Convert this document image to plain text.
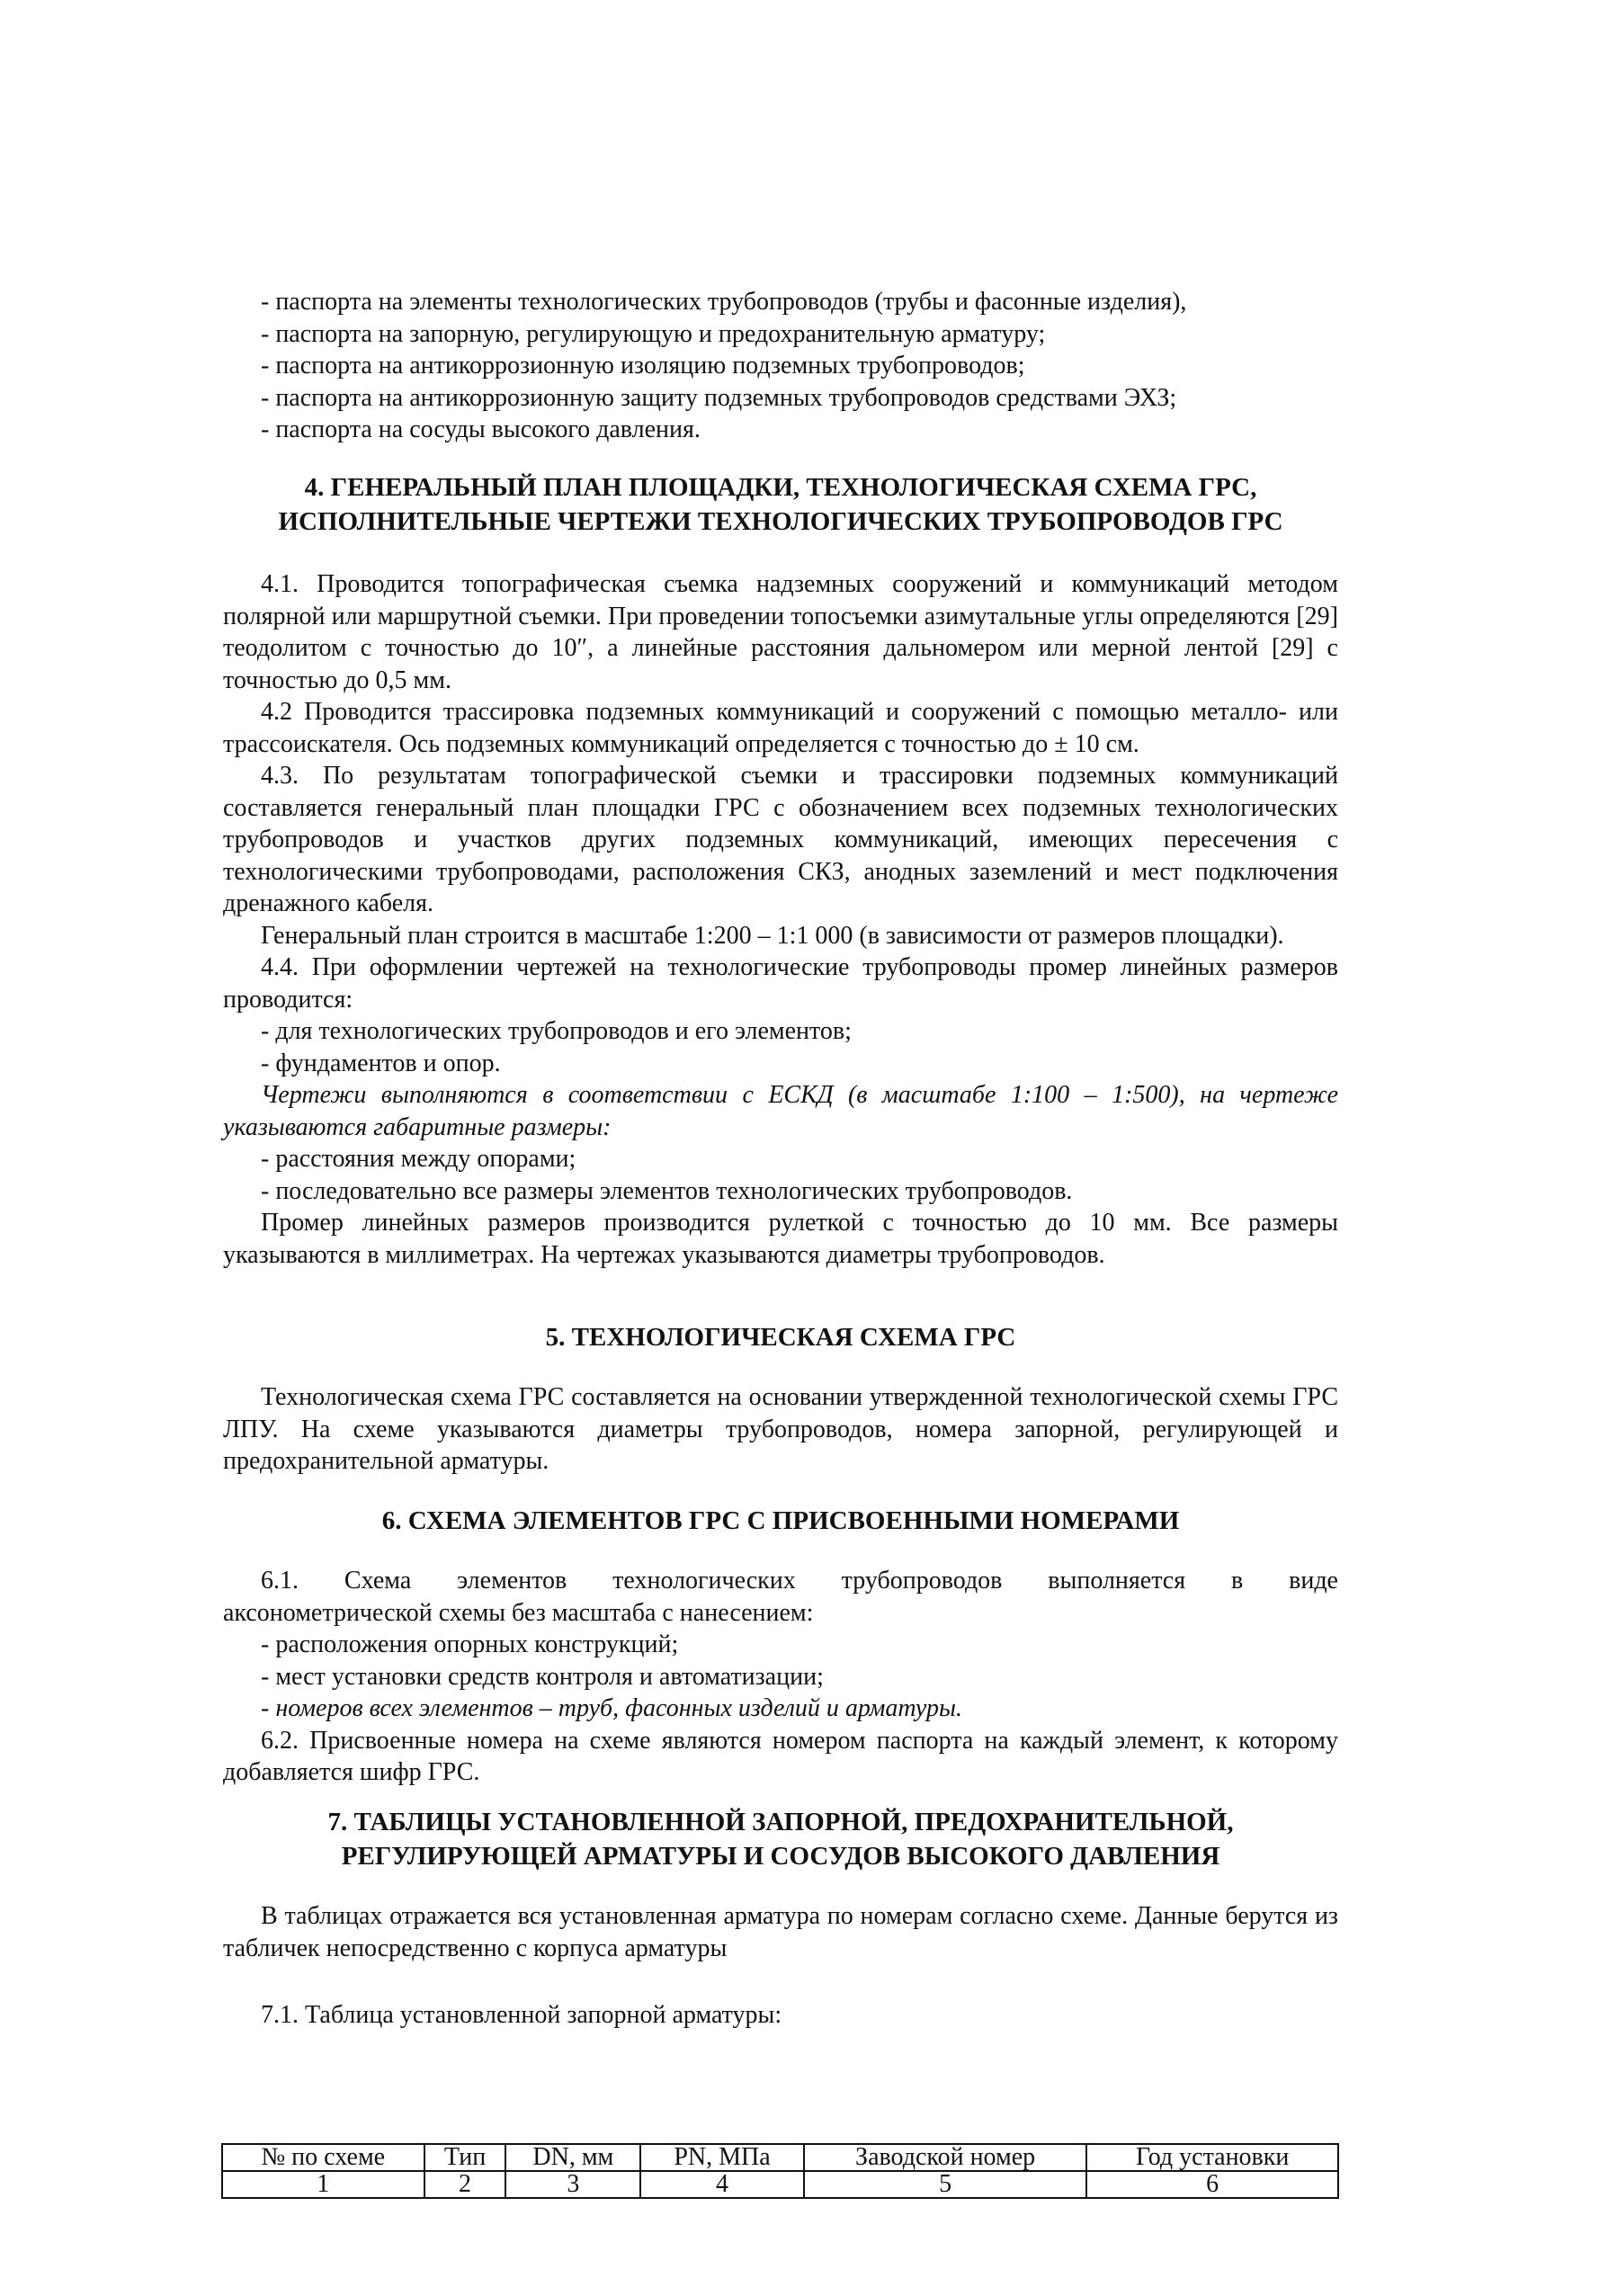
- паспорта на элементы технологических трубопроводов (трубы и фасонные изделия),

- паспорта на запорную, регулирующую и предохранительную арматуру;

- паспорта на антикоррозионную изоляцию подземных трубопроводов;

- паспорта на антикоррозионную защиту подземных трубопроводов средствами ЭХЗ;

- паспорта на сосуды высокого давления.

4. ГЕНЕРАЛЬНЫЙ ПЛАН ПЛОЩАДКИ, ТЕХНОЛОГИЧЕСКАЯ СХЕМА ГРС,

ИСПОЛНИТЕЛЬНЫЕ ЧЕРТЕЖИ ТЕХНОЛОГИЧЕСКИХ ТРУБОПРОВОДОВ ГРС

4.1. Проводится топографическая съемка надземных сооружений и коммуникаций методом полярной или маршрутной съемки. При проведении топосъемки азимутальные углы определяются [29] теодолитом с точностью до 10″, а линейные расстояния дальномером или мерной лентой [29] с точностью до 0,5 мм.

4.2 Проводится трассировка подземных коммуникаций и сооружений с помощью металло- или трассоискателя. Ось подземных коммуникаций определяется с точностью до ± 10 см.

4.3. По результатам топографической съемки и трассировки подземных коммуникаций составляется генеральный план площадки ГРС с обозначением всех подземных технологических трубопроводов и участков других подземных коммуникаций, имеющих пересечения с технологическими трубопроводами, расположения СКЗ, анодных заземлений и мест подключения дренажного кабеля.

Генеральный план строится в масштабе 1:200 – 1:1 000 (в зависимости от размеров площадки).

4.4. При оформлении чертежей на технологические трубопроводы промер линейных размеров проводится:

- для технологических трубопроводов и его элементов;

- фундаментов и опор.

Чертежи выполняются в соответствии с ЕСКД (в масштабе 1:100 – 1:500), на чертеже указываются габаритные размеры:

- расстояния между опорами;

- последовательно все размеры элементов технологических трубопроводов.

Промер линейных размеров производится рулеткой с точностью до 10 мм. Все размеры указываются в миллиметрах. На чертежах указываются диаметры трубопроводов.

5. ТЕХНОЛОГИЧЕСКАЯ СХЕМА ГРС

Технологическая схема ГРС составляется на основании утвержденной технологической схемы ГРС ЛПУ. На схеме указываются диаметры трубопроводов, номера запорной, регулирующей и предохранительной арматуры.

6. СХЕМА ЭЛЕМЕНТОВ ГРС С ПРИСВОЕННЫМИ НОМЕРАМИ

6.1. Схема элементов технологических трубопроводов выполняется в виде

аксонометрической схемы без масштаба с нанесением:

- расположения опорных конструкций;

- мест установки средств контроля и автоматизации;

- номеров всех элементов – труб, фасонных изделий и арматуры.

6.2. Присвоенные номера на схеме являются номером паспорта на каждый элемент, к которому добавляется шифр ГРС.

7. ТАБЛИЦЫ УСТАНОВЛЕННОЙ ЗАПОРНОЙ, ПРЕДОХРАНИТЕЛЬНОЙ,

РЕГУЛИРУЮЩЕЙ АРМАТУРЫ И СОСУДОВ ВЫСОКОГО ДАВЛЕНИЯ

В таблицах отражается вся установленная арматура по номерам согласно схеме. Данные берутся из табличек непосредственно с корпуса арматуры

7.1. Таблица установленной запорной арматуры:

№ по схеме	Тип	DN, мм	PN, МПа	Заводской номер	Год установки
1	2	3	4	5	6
